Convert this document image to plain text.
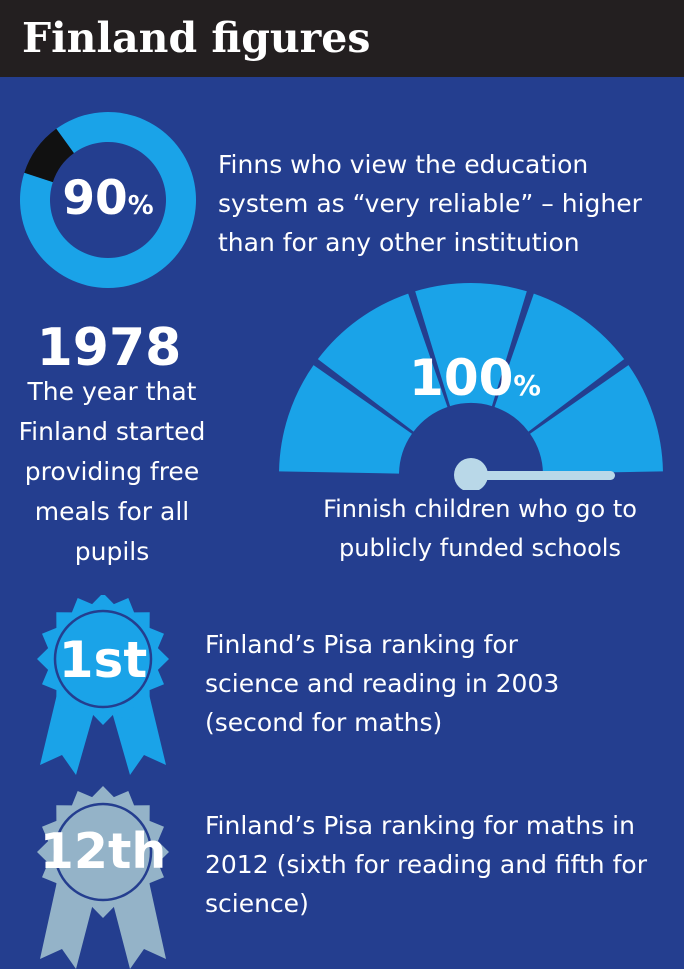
Finland figures
90%
Finns who view the education system as “very reliable” – higher than for any other institution
1978
The year that Finland started providing free meals for all pupils
100%
Finnish children who go to publicly funded schools
1st	Finland’s Pisa ranking for science and reading in 2003 (second for maths)
12th	Finland’s Pisa ranking for maths in 2012 (sixth for reading and fifth for science)
